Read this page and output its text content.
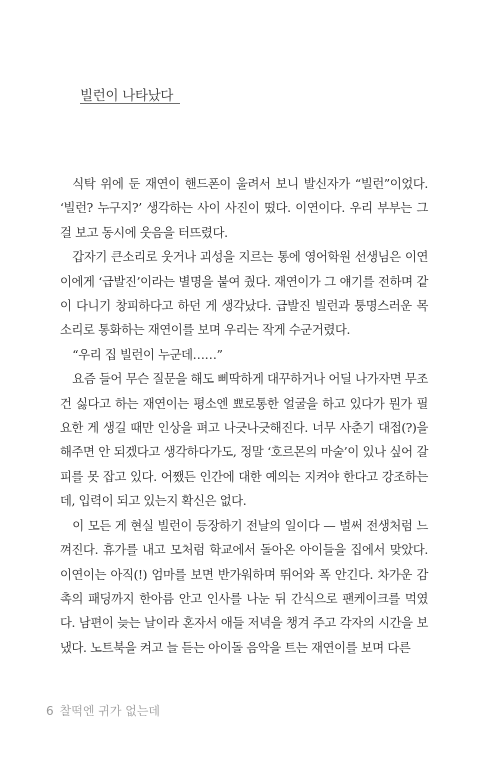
빌런이 나타났다

식탁 위에 둔 재연이 핸드폰이 울려서 보니 발신자가 “빌런”이었다. ‘빌런? 누구지?’ 생각하는 사이 사진이 떴다. 이연이다. 우리 부부는 그걸 보고 동시에 웃음을 터뜨렸다.

갑자기 큰소리로 웃거나 괴성을 지르는 통에 영어학원 선생님은 이연이에게 ‘급발진’이라는 별명을 붙여 줬다. 재연이가 그 얘기를 전하며 같이 다니기 창피하다고 하던 게 생각났다. 급발진 빌런과 퉁명스러운 목소리로 통화하는 재연이를 보며 우리는 작게 수군거렸다.

“우리 집 빌런이 누군데……”

요즘 들어 무슨 질문을 해도 삐딱하게 대꾸하거나 어딜 나가자면 무조건 싫다고 하는 재연이는 평소엔 뾰로통한 얼굴을 하고 있다가 뭔가 필요한 게 생길 때만 인상을 펴고 나긋나긋해진다. 너무 사춘기 대접(?)을 해주면 안 되겠다고 생각하다가도, 정말 ‘호르몬의 마술’이 있나 싶어 갈피를 못 잡고 있다. 어쨌든 인간에 대한 예의는 지켜야 한다고 강조하는데, 입력이 되고 있는지 확신은 없다.

이 모든 게 현실 빌런이 등장하기 전날의 일이다 — 벌써 전생처럼 느껴진다. 휴가를 내고 모처럼 학교에서 돌아온 아이들을 집에서 맞았다. 이연이는 아직(!) 엄마를 보면 반가워하며 뛰어와 폭 안긴다. 차가운 감촉의 패딩까지 한아름 안고 인사를 나눈 뒤 간식으로 팬케이크를 먹였다. 남편이 늦는 날이라 혼자서 애들 저녁을 챙겨 주고 각자의 시간을 보냈다. 노트북을 켜고 늘 듣는 아이돌 음악을 트는 재연이를 보며 다른

6 찰떡엔 귀가 없는데
